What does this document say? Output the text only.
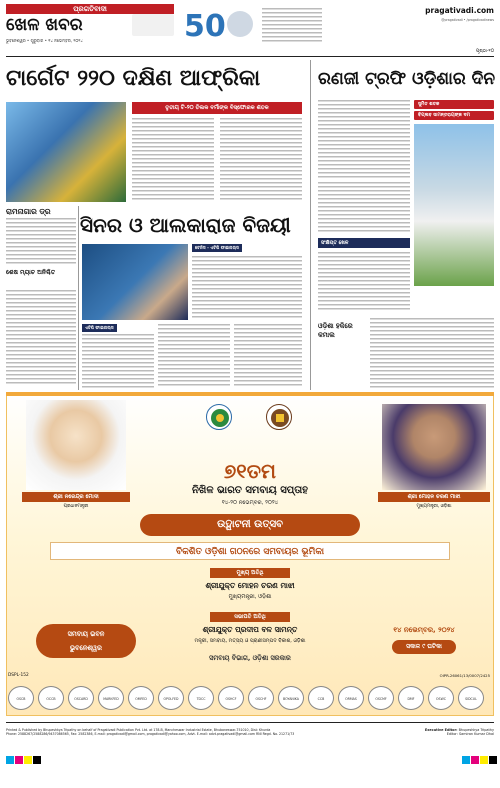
ପ୍ରଗତିବାଦୀ
ଖେଳ ଖବର
ଭୁବନେଶ୍ୱର • ଗୁରୁବାର • ୧୪ ନଭେମ୍ବର, ୨୦୨୪	50	pragativadi.com
@pragativadi • /pragativadinews
ପୃଷ୍ଠା-୧୦
ଟାର୍ଗେଟ ୨୨୦ ଦକ୍ଷିଣ ଆଫ୍ରିକା	ରଣଜୀ ଟ୍ରଫି ଓଡ଼ିଶାର ଦିନ
ତୃତୀୟ ଟି-୨୦ ତିଲକ ବର୍ମାଙ୍କ ବିସ୍ଫୋରକ ଶତକ
ରାମନାଗାର ଡ୍ର
ଶେଷ ମ୍ୟାଚ ଅନିଶ୍ଚିତ
ସିନର ଓ ଆଲକାରାଜ ବିଜୟୀ
ଟେନିସ - ଏଟିପି ଫାଇନାଲ୍ସ
ଏଟିପି ଫାଇନାଲ୍ସ
ସୁମିତ ଶତକ
ବିପ୍ଲବ ସାମନ୍ତରାୟଙ୍କ ଦମ
ସଂକ୍ଷିପ୍ତ ଖେଳ
ଓଡ଼ିଶା ହକିରେ କମାଲ
ଶ୍ରୀ ନରେନ୍ଦ୍ର ମୋଦୀ
ପ୍ରଧାନମନ୍ତ୍ରୀ
ଶ୍ରୀ ମୋହନ ଚରଣ ମାଝୀ
ମୁଖ୍ୟମନ୍ତ୍ରୀ, ଓଡ଼ିଶା
୭୧ତମ
ନିଖିଳ ଭାରତ ସମବାୟ ସପ୍ତାହ
୧୪-୨୦ ନଭେମ୍ବର, ୨୦୨୪
ଉଦ୍ଘାଟନୀ ଉତ୍ସବ
ବିକଶିତ ଓଡ଼ିଶା ଗଠନରେ ସମବାୟର ଭୂମିକା
ମୁଖ୍ୟ ଅତିଥି
ଶ୍ରୀଯୁକ୍ତ ମୋହନ ଚରଣ ମାଝୀ
ମୁଖ୍ୟମନ୍ତ୍ରୀ, ଓଡ଼ିଶା
ସଭାପତି ଅତିଥି
ଶ୍ରୀଯୁକ୍ତ ପ୍ରଦୀପ ବଳ ସାମନ୍ତ
ମନ୍ତ୍ରୀ, ସମବାୟ, ମତ୍ସ୍ୟ ଓ ପ୍ରାଣୀସମ୍ପଦ ବିକାଶ, ଓଡ଼ିଶା
ସମବାୟ ଭବନ
ଭୁବନେଶ୍ୱର
୧୪ ନଭେମ୍ବର, ୨୦୨୪
ସକାଳ ୯ ଘଟିକା
ସମବାୟ ବିଭାଗ, ଓଡ଼ିଶା ସରକାର
DSPL-152	OIPR-26061/13/0007/2425
OSCB	OCCB	OSCARD	MARKFED	OMFED	OPOLFED	TDCC	OSHCF	OSCHF	BOYANIKA	CCB	ORMAS	OSCMF	DMF	OSWC	SIDCUL
Printed & Published by Bhupeshkya Tripathy on behalf of Pragativadi Publication Pvt. Ltd. at 178-B, Mancheswar Industrial Estate, Bhubaneswar-751010, Dist: Khurda
Phone: 2588267/2588286/9437086565, Fax: 2582386, E-mail: pragativadi@gmail.com, pragativadi@yahoo.com, Advt. E-mail: advt.pragativadi@gmail.com RNI Regd. No. 21271/73
Executive Editor: Bhupeshkya Tripathy
Editor: Samiran Kumar Dhal
